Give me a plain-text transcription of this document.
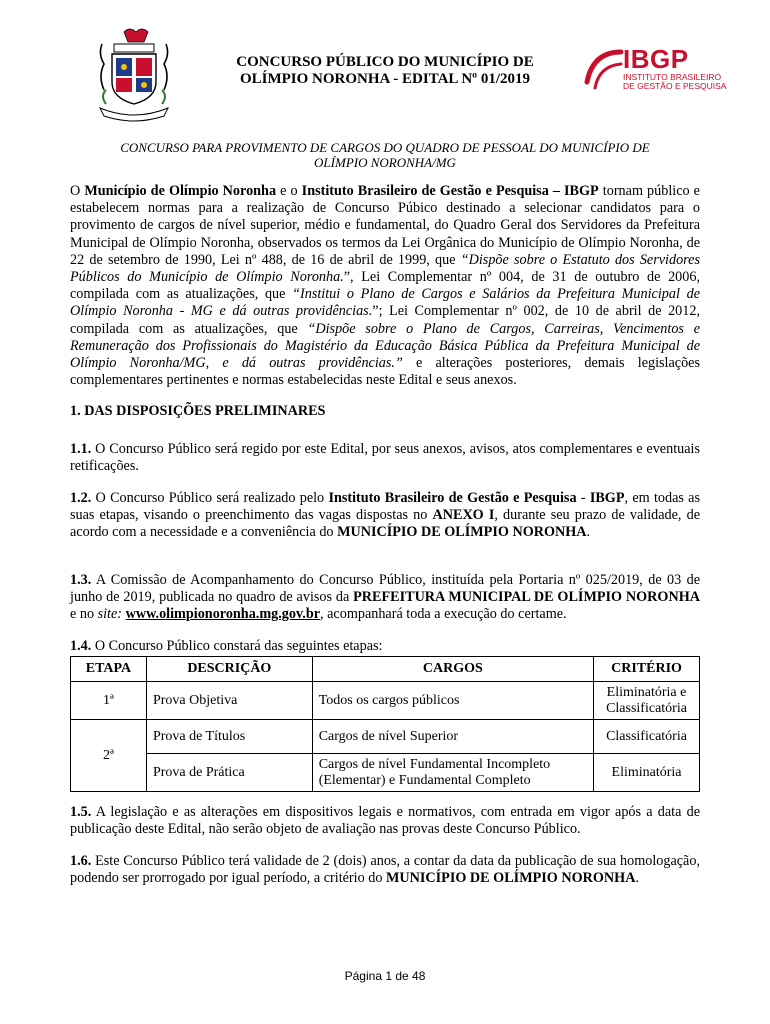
CONCURSO PÚBLICO DO MUNICÍPIO DE
OLÍMPIO NORONHA - EDITAL Nº 01/2019
IBGP
INSTITUTO BRASILEIRO
DE GESTÃO E PESQUISA
CONCURSO PARA PROVIMENTO DE CARGOS DO QUADRO DE PESSOAL DO MUNICÍPIO DE
OLÍMPIO NORONHA/MG
O Município de Olímpio Noronha e o Instituto Brasileiro de Gestão e Pesquisa – IBGP tornam público e estabelecem normas para a realização de Concurso Púbico destinado a selecionar candidatos para o provimento de cargos de nível superior, médio e fundamental, do Quadro Geral dos Servidores da Prefeitura Municipal de Olímpio Noronha, observados os termos da Lei Orgânica do Município de Olímpio Noronha, de 22 de setembro de 1990, Lei nº 488, de 16 de abril de 1999, que “Dispõe sobre o Estatuto dos Servidores Públicos do Município de Olímpio Noronha.”, Lei Complementar nº 004, de 31 de outubro de 2006, compilada com as atualizações, que “Institui o Plano de Cargos e Salários da Prefeitura Municipal de Olímpio Noronha - MG e dá outras providências.”; Lei Complementar nº 002, de 10 de abril de 2012, compilada com as atualizações, que “Dispõe sobre o Plano de Cargos, Carreiras, Vencimentos e Remuneração dos Profissionais do Magistério da Educação Básica Pública da Prefeitura Municipal de Olímpio Noronha/MG, e dá outras providências.” e alterações posteriores, demais legislações complementares pertinentes e normas estabelecidas neste Edital e seus anexos.
1. DAS DISPOSIÇÕES PRELIMINARES
1.1. O Concurso Público será regido por este Edital, por seus anexos, avisos, atos complementares e eventuais retificações.
1.2. O Concurso Público será realizado pelo Instituto Brasileiro de Gestão e Pesquisa - IBGP, em todas as suas etapas, visando o preenchimento das vagas dispostas no ANEXO I, durante seu prazo de validade, de acordo com a necessidade e a conveniência do MUNICÍPIO DE OLÍMPIO NORONHA.
1.3. A Comissão de Acompanhamento do Concurso Público, instituída pela Portaria nº 025/2019, de 03 de junho de 2019, publicada no quadro de avisos da PREFEITURA MUNICIPAL DE OLÍMPIO NORONHA e no site: www.olimpionoronha.mg.gov.br, acompanhará toda a execução do certame.
1.4. O Concurso Público constará das seguintes etapas:
ETAPA	DESCRIÇÃO	CARGOS	CRITÉRIO
1ª	Prova Objetiva	Todos os cargos públicos	Eliminatória e
Classificatória

2ª	Prova de Títulos	Cargos de nível Superior	Classificatória
	Prova de Prática	Cargos de nível Fundamental Incompleto
(Elementar) e Fundamental Completo	Eliminatória
1.5. A legislação e as alterações em dispositivos legais e normativos, com entrada em vigor após a data de publicação deste Edital, não serão objeto de avaliação nas provas deste Concurso Público.
1.6. Este Concurso Público terá validade de 2 (dois) anos, a contar da data da publicação de sua homologação, podendo ser prorrogado por igual período, a critério do MUNICÍPIO DE OLÍMPIO NORONHA.
Página 1 de 48
